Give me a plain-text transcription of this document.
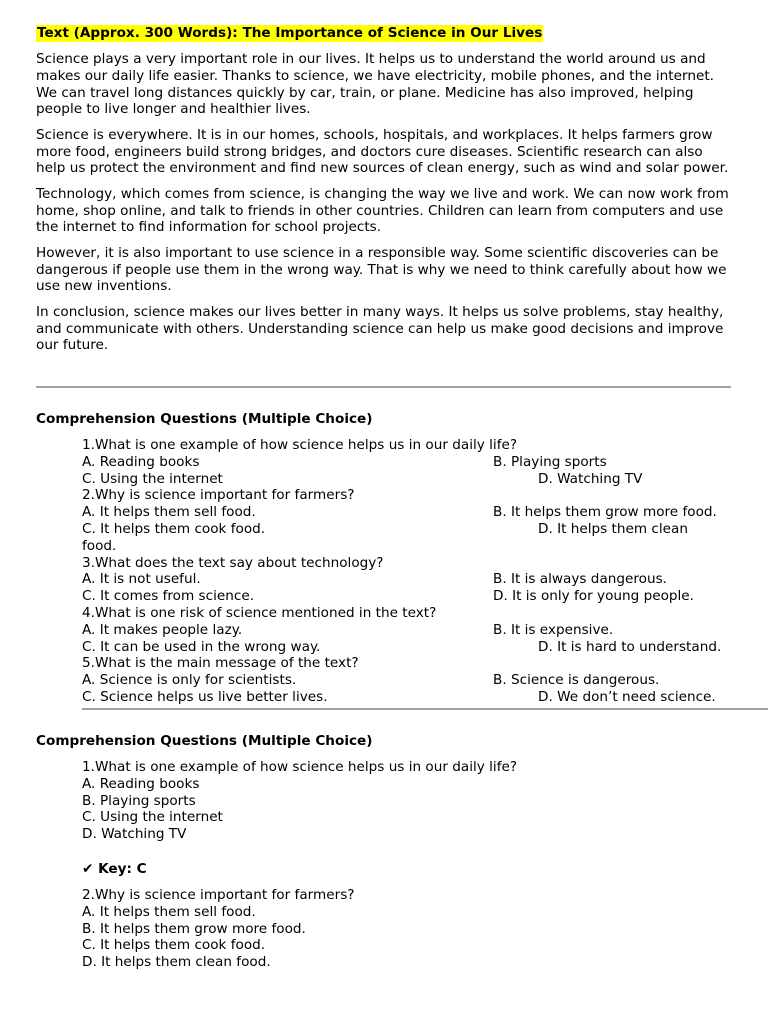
Text (Approx. 300 Words): The Importance of Science in Our Lives

Science plays a very important role in our lives. It helps us to understand the world around us and makes our daily life easier. Thanks to science, we have electricity, mobile phones, and the internet. We can travel long distances quickly by car, train, or plane. Medicine has also improved, helping people to live longer and healthier lives.

Science is everywhere. It is in our homes, schools, hospitals, and workplaces. It helps farmers grow more food, engineers build strong bridges, and doctors cure diseases. Scientific research can also help us protect the environment and find new sources of clean energy, such as wind and solar power.

Technology, which comes from science, is changing the way we live and work. We can now work from home, shop online, and talk to friends in other countries. Children can learn from computers and use the internet to find information for school projects.

However, it is also important to use science in a responsible way. Some scientific discoveries can be dangerous if people use them in the wrong way. That is why we need to think carefully about how we use new inventions.

In conclusion, science makes our lives better in many ways. It helps us solve problems, stay healthy, and communicate with others. Understanding science can help us make good decisions and improve our future.

Comprehension Questions (Multiple Choice)
1.What is one example of how science helps us in our daily life?
A. Reading books	B. Playing sports
C. Using the internet	D. Watching TV
2.Why is science important for farmers?
A. It helps them sell food.	B. It helps them grow more food.
C. It helps them cook food.	D. It helps them clean
food.
3.What does the text say about technology?
A. It is not useful.	B. It is always dangerous.
C. It comes from science.	D. It is only for young people.
4.What is one risk of science mentioned in the text?
A. It makes people lazy.	B. It is expensive.
C. It can be used in the wrong way.	D. It is hard to understand.
5.What is the main message of the text?
A. Science is only for scientists.	B. Science is dangerous.
C. Science helps us live better lives.	D. We don’t need science.
Comprehension Questions (Multiple Choice)
1.What is one example of how science helps us in our daily life?
A. Reading books
B. Playing sports
C. Using the internet
D. Watching TV
✔ Key: C
2.Why is science important for farmers?
A. It helps them sell food.
B. It helps them grow more food.
C. It helps them cook food.
D. It helps them clean food.
